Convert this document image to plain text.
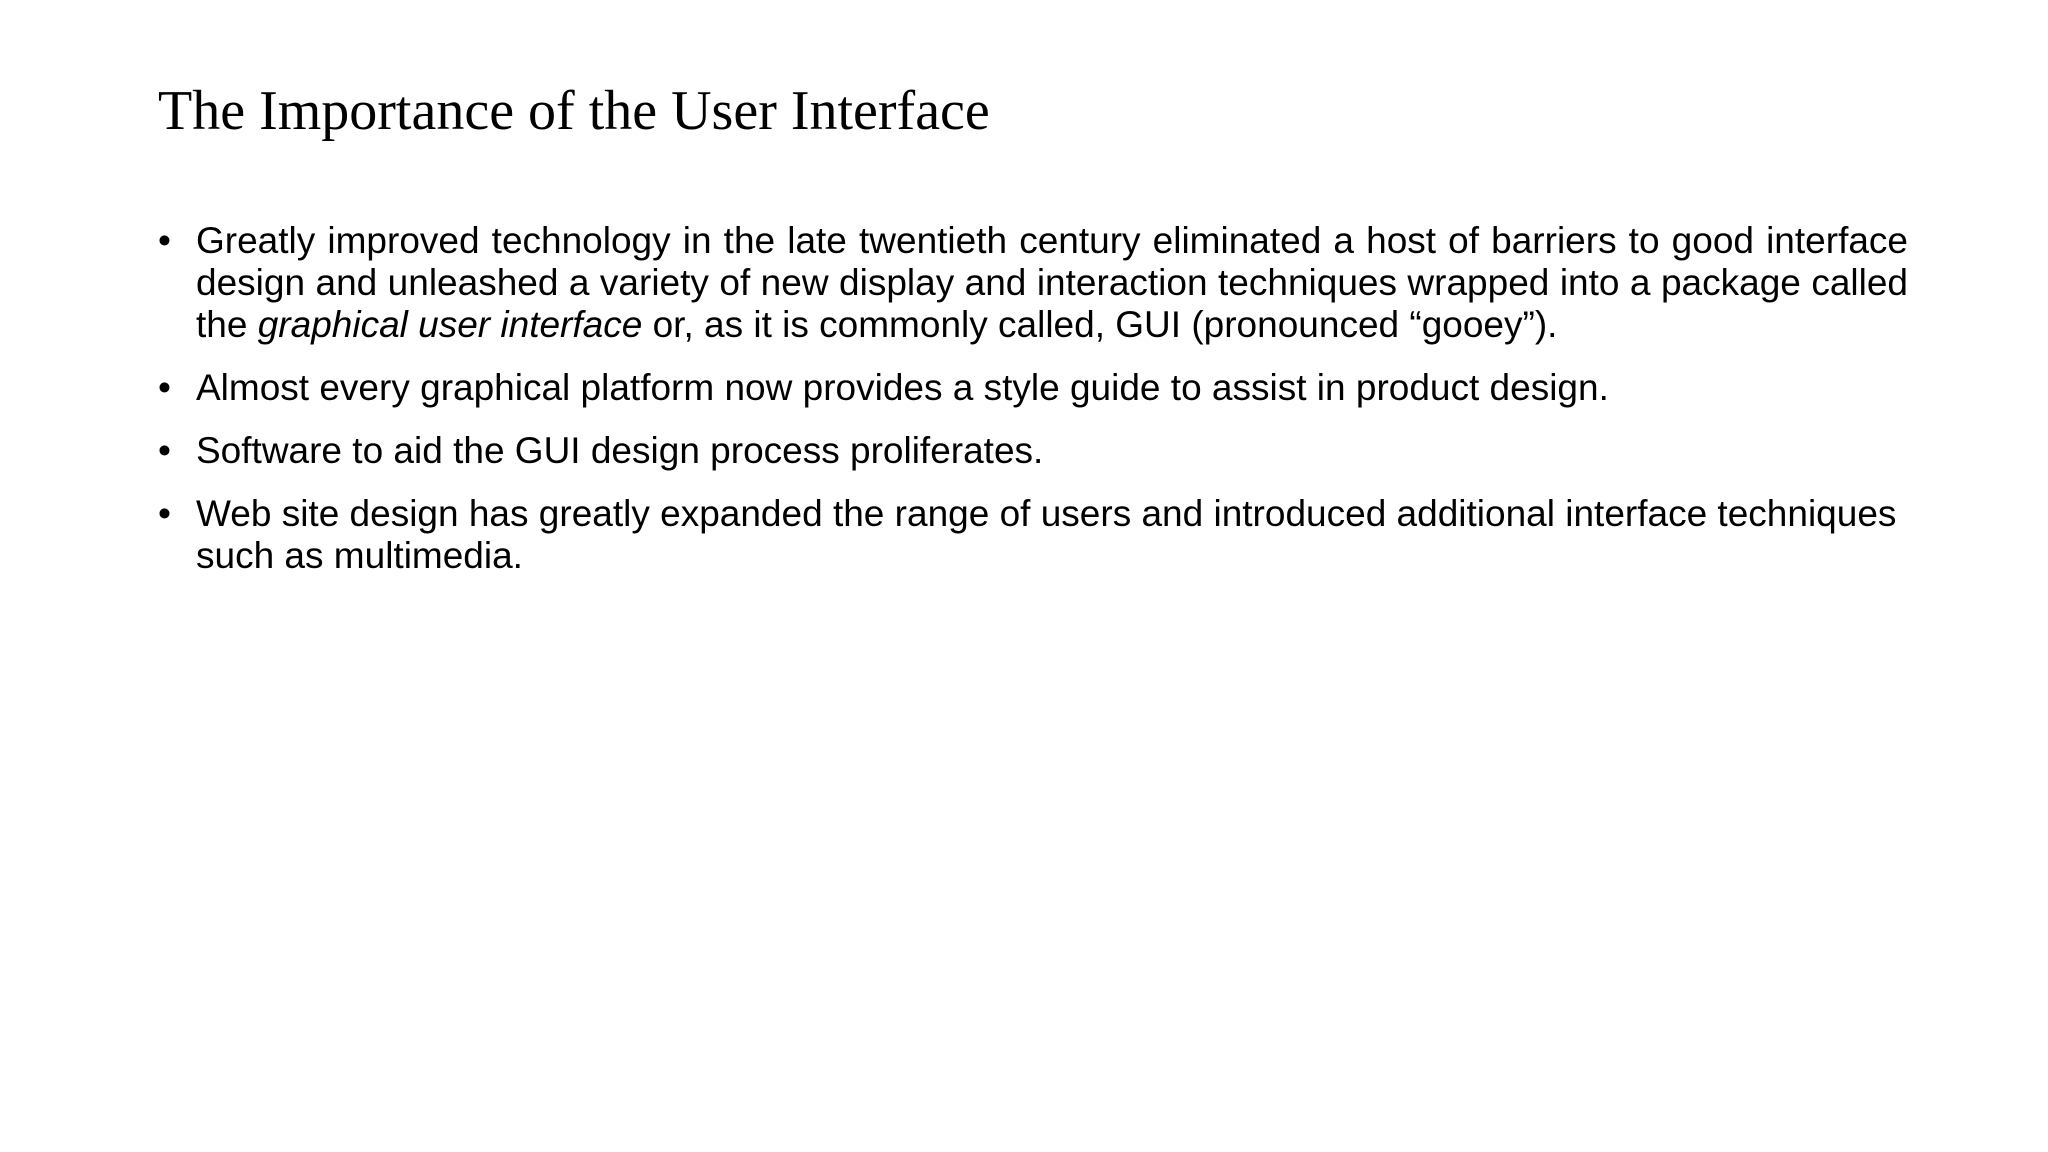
The Importance of the User Interface
• Greatly improved technology in the late twentieth century eliminated a host of barriers to good interface design and unleashed a variety of new display and interaction techniques wrapped into a package called the graphical user interface or, as it is commonly called, GUI (pronounced “gooey”).
• Almost every graphical platform now provides a style guide to assist in product design.
• Software to aid the GUI design process proliferates.
• Web site design has greatly expanded the range of users and introduced additional interface techniques such as multimedia.
